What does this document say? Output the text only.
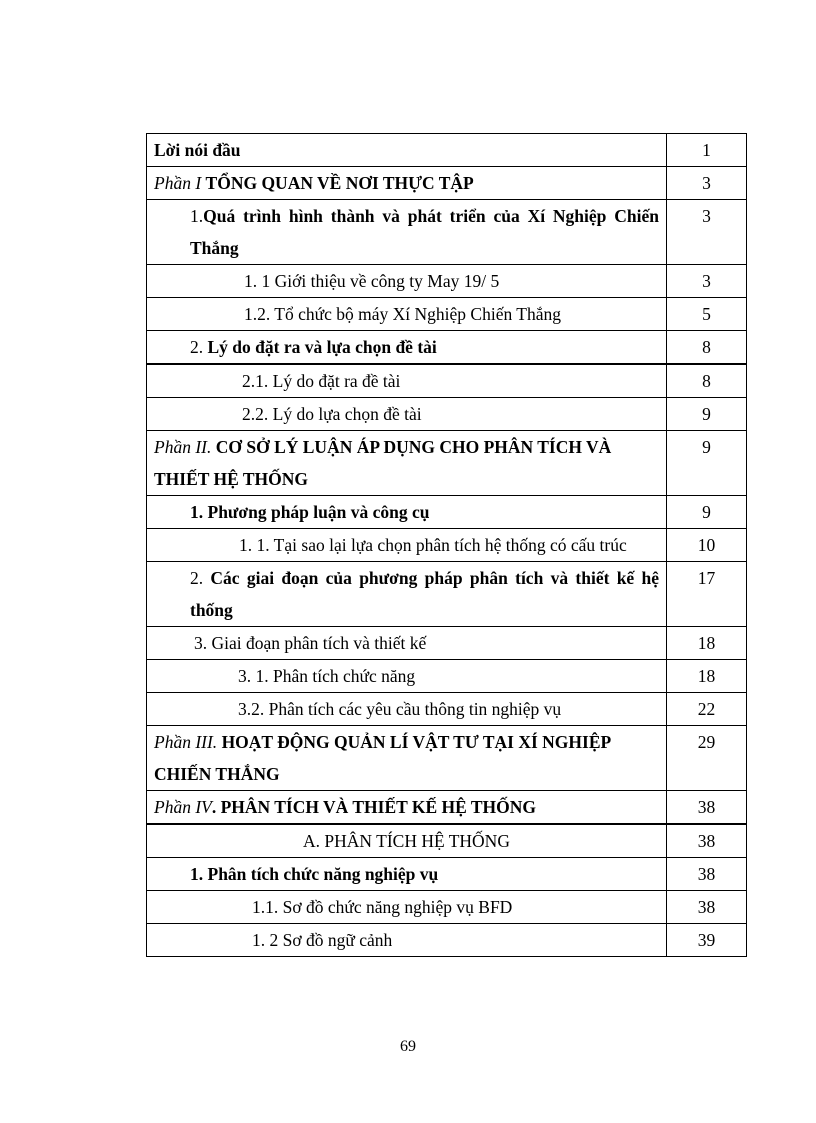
Lời nói đầu	1
Phần I TỔNG QUAN VỀ NƠI THỰC TẬP	3
1.Quá trình hình thành và phát triển của Xí Nghiệp Chiến Thắng	3
1. 1 Giới thiệu về công ty May 19/ 5	3
1.2. Tổ chức bộ máy Xí Nghiệp Chiến Thắng	5
2. Lý do đặt ra và lựa chọn đề tài	8
2.1. Lý do đặt ra đề tài	8
2.2. Lý do lựa chọn đề tài	9
Phần II. CƠ SỞ LÝ LUẬN ÁP DỤNG CHO PHÂN TÍCH VÀ THIẾT HỆ THỐNG	9
1. Phương pháp luận và công cụ	9
1. 1. Tại sao lại lựa chọn phân tích hệ thống có cấu trúc	10
2. Các giai đoạn của phương pháp phân tích và thiết kế hệ thống	17
3. Giai đoạn phân tích và thiết kế	18
3. 1. Phân tích chức năng	18
3.2. Phân tích các yêu cầu thông tin nghiệp vụ	22
Phần III. HOẠT ĐỘNG QUẢN LÍ VẬT TƯ TẠI XÍ NGHIỆP CHIẾN THẮNG	29
Phần IV. PHÂN TÍCH VÀ THIẾT KẾ HỆ THỐNG	38
A. PHÂN TÍCH HỆ THỐNG	38
1. Phân tích chức năng nghiệp vụ	38
1.1. Sơ đồ chức năng nghiệp vụ BFD	38
1. 2 Sơ đồ ngữ cảnh	39
69
